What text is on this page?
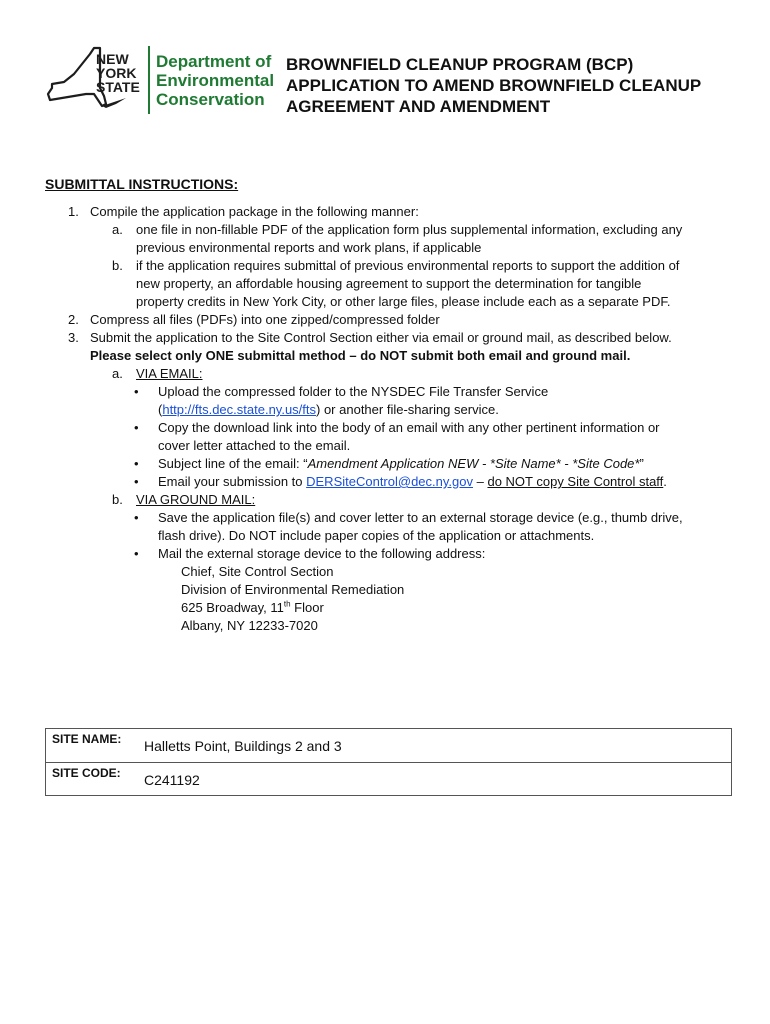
NEW
YORK
STATE
Department of
Environmental
Conservation
BROWNFIELD CLEANUP PROGRAM (BCP)
APPLICATION TO AMEND BROWNFIELD CLEANUP
AGREEMENT AND AMENDMENT
SUBMITTAL INSTRUCTIONS:
1. Compile the application package in the following manner:
a. one file in non-fillable PDF of the application form plus supplemental information, excluding any
previous environmental reports and work plans, if applicable
b. if the application requires submittal of previous environmental reports to support the addition of
new property, an affordable housing agreement to support the determination for tangible
property credits in New York City, or other large files, please include each as a separate PDF.
2. Compress all files (PDFs) into one zipped/compressed folder
3. Submit the application to the Site Control Section either via email or ground mail, as described below.
Please select only ONE submittal method – do NOT submit both email and ground mail.
a. VIA EMAIL:
• Upload the compressed folder to the NYSDEC File Transfer Service
(http://fts.dec.state.ny.us/fts) or another file-sharing service.
• Copy the download link into the body of an email with any other pertinent information or
cover letter attached to the email.
• Subject line of the email: “Amendment Application NEW - *Site Name* - *Site Code*”
• Email your submission to DERSiteControl@dec.ny.gov – do NOT copy Site Control staff.
b. VIA GROUND MAIL:
• Save the application file(s) and cover letter to an external storage device (e.g., thumb drive,
flash drive). Do NOT include paper copies of the application or attachments.
• Mail the external storage device to the following address:
Chief, Site Control Section
Division of Environmental Remediation
625 Broadway, 11th Floor
Albany, NY 12233-7020
SITE NAME: Halletts Point, Buildings 2 and 3
SITE CODE: C241192
